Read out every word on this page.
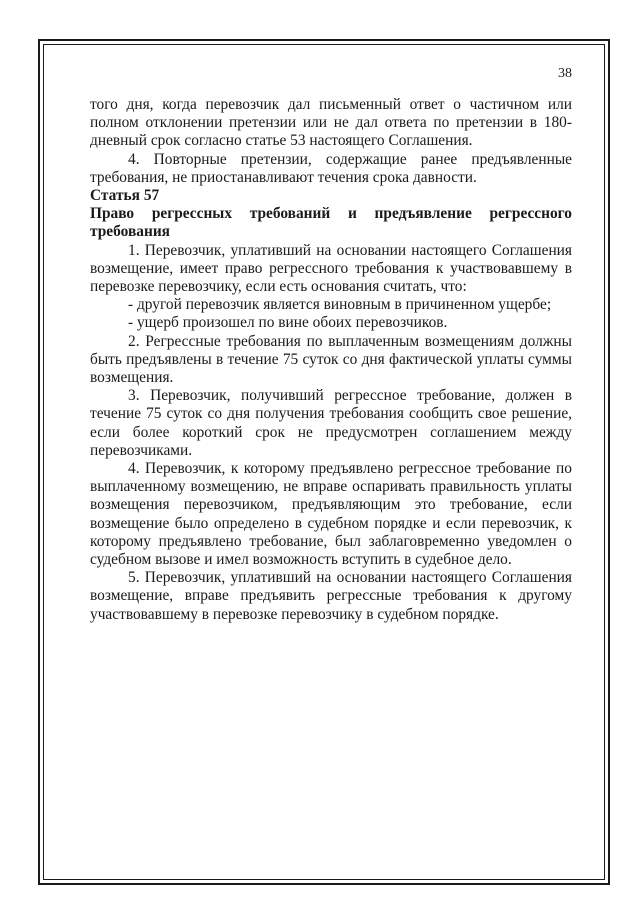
38

того дня, когда перевозчик дал письменный ответ о частичном или полном отклонении претензии или не дал ответа по претензии в 180-дневный срок согласно статье 53 настоящего Соглашения.

4. Повторные претензии, содержащие ранее предъявленные требования, не приостанавливают течения срока давности.

Статья 57

Право регрессных требований и предъявление регрессного требования

1. Перевозчик, уплативший на основании настоящего Соглашения возмещение, имеет право регрессного требования к участвовавшему в перевозке перевозчику, если есть основания считать, что:

- другой перевозчик является виновным в причиненном ущербе;

- ущерб произошел по вине обоих перевозчиков.

2. Регрессные требования по выплаченным возмещениям должны быть предъявлены в течение 75 суток со дня фактической уплаты суммы возмещения.

3. Перевозчик, получивший регрессное требование, должен в течение 75 суток со дня получения требования сообщить свое решение, если более короткий срок не предусмотрен соглашением между перевозчиками.

4. Перевозчик, к которому предъявлено регрессное требование по выплаченному возмещению, не вправе оспаривать правильность уплаты возмещения перевозчиком, предъявляющим это требование, если возмещение было определено в судебном порядке и если перевозчик, к которому предъявлено требование, был заблаговременно уведомлен о судебном вызове и имел возможность вступить в судебное дело.

5. Перевозчик, уплативший на основании настоящего Соглашения возмещение, вправе предъявить регрессные требования к другому участвовавшему в перевозке перевозчику в судебном порядке.
